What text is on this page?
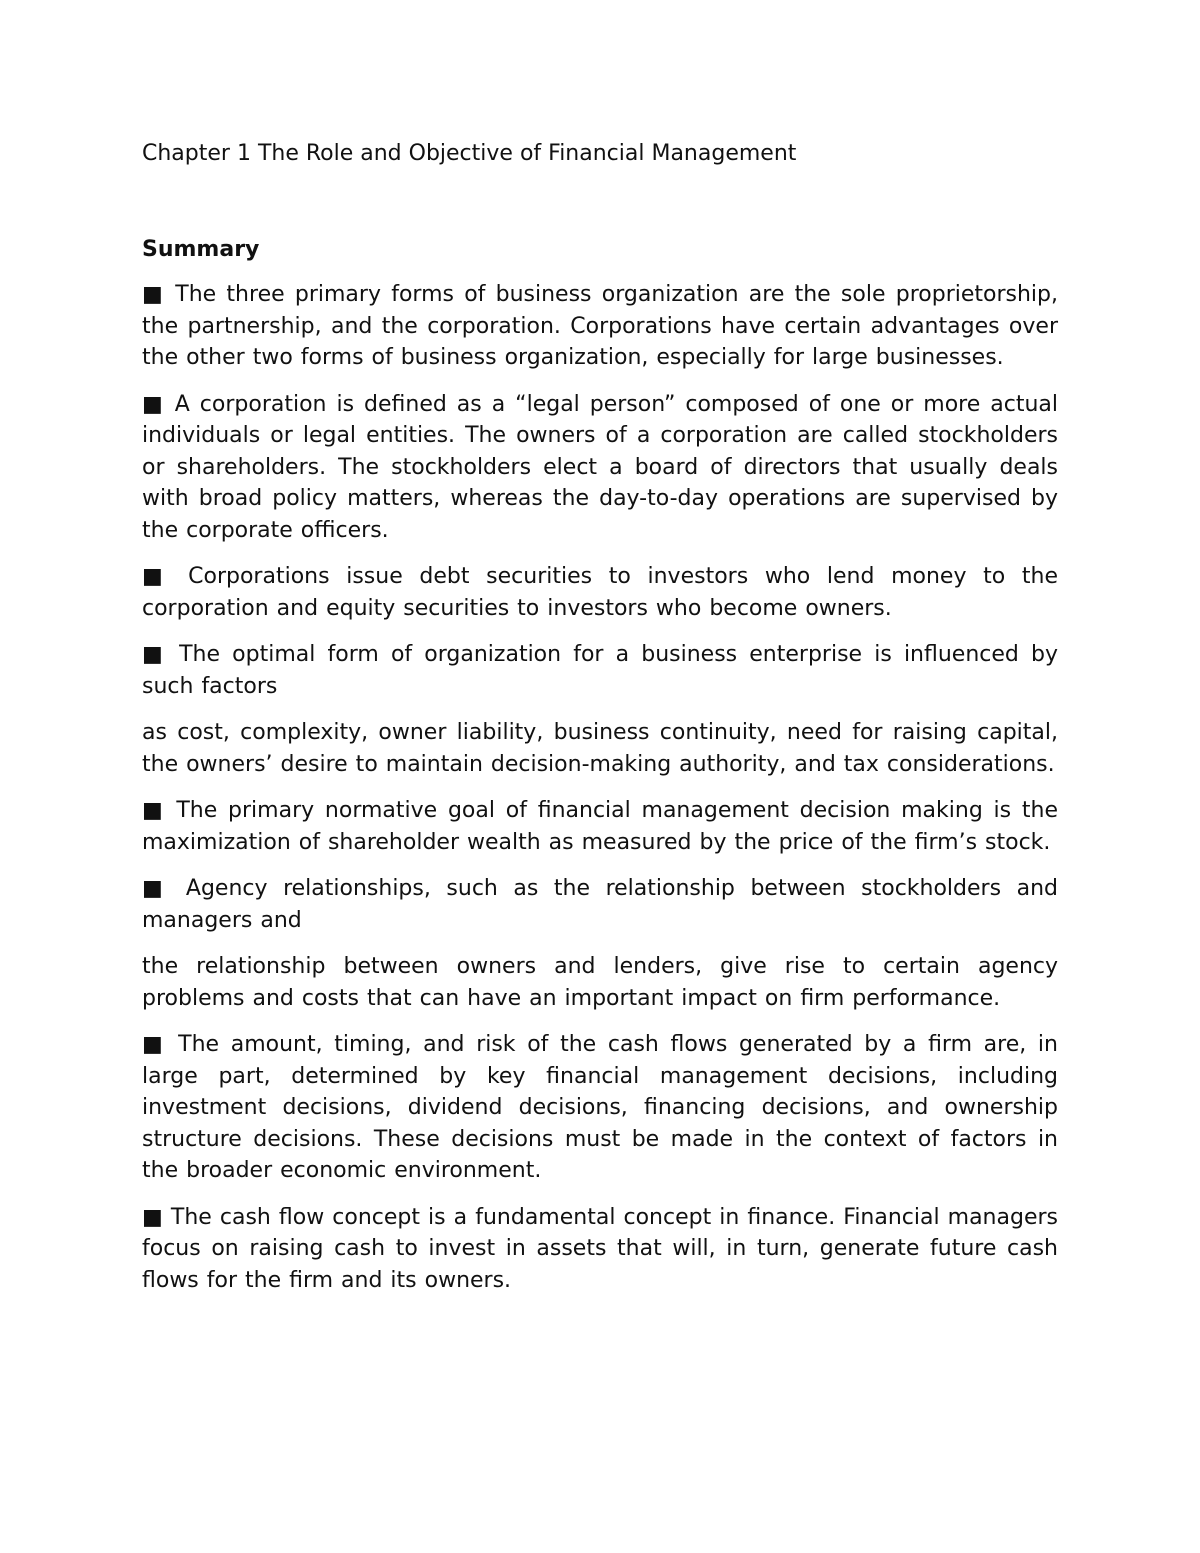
Chapter 1 The Role and Objective of Financial Management

Summary

■ The three primary forms of business organization are the sole proprietorship, the partnership, and the corporation. Corporations have certain advantages over the other two forms of business organization, especially for large businesses.

■ A corporation is defined as a “legal person” composed of one or more actual individuals or legal entities. The owners of a corporation are called stockholders or shareholders. The stockholders elect a board of directors that usually deals with broad policy matters, whereas the day-to-day operations are supervised by the corporate officers.

■ Corporations issue debt securities to investors who lend money to the corporation and equity securities to investors who become owners.

■ The optimal form of organization for a business enterprise is influenced by such factors

as cost, complexity, owner liability, business continuity, need for raising capital, the owners’ desire to maintain decision-making authority, and tax considerations.

■ The primary normative goal of financial management decision making is the maximization of shareholder wealth as measured by the price of the firm’s stock.

■ Agency relationships, such as the relationship between stockholders and managers and

the relationship between owners and lenders, give rise to certain agency problems and costs that can have an important impact on firm performance.

■ The amount, timing, and risk of the cash flows generated by a firm are, in large part, determined by key financial management decisions, including investment decisions, dividend decisions, financing decisions, and ownership structure decisions. These decisions must be made in the context of factors in the broader economic environment.

■ The cash flow concept is a fundamental concept in finance. Financial managers focus on raising cash to invest in assets that will, in turn, generate future cash flows for the firm and its owners.
